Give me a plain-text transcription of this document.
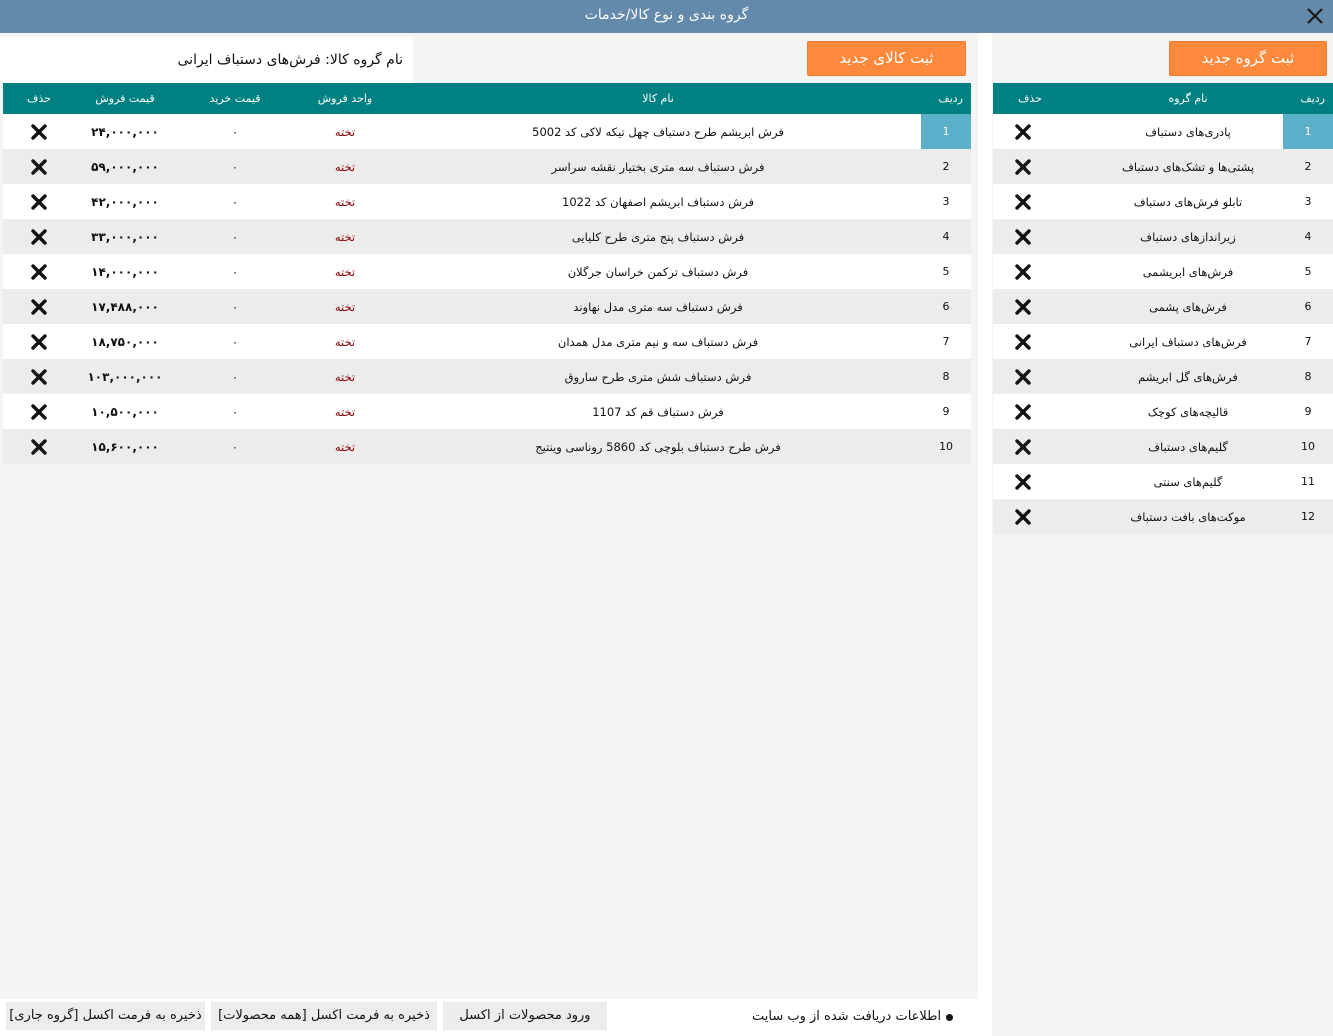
گروه بندی و نوع کالا/خدمات
نام گروه کالا: فرش‌های دستباف ایرانی	ثبت کالای جدید
ردیف	نام کالا	واحد فروش	قیمت خرید	قیمت فروش	حذف
1	فرش ابریشم طرح دستباف چهل تیکه لاکی کد 5002	تخته	۰	۲۴,۰۰۰,۰۰۰	
2	فرش دستباف سه متری بختیار نقشه سراسر	تخته	۰	۵۹,۰۰۰,۰۰۰	
3	فرش دستباف ابریشم اصفهان کد 1022	تخته	۰	۴۲,۰۰۰,۰۰۰	
4	فرش دستباف پنج متری طرح کلیایی	تخته	۰	۳۳,۰۰۰,۰۰۰	
5	فرش دستباف ترکمن خراسان جرگلان	تخته	۰	۱۴,۰۰۰,۰۰۰	
6	فرش دستباف سه متری مدل نهاوند	تخته	۰	۱۷,۴۸۸,۰۰۰	
7	فرش دستباف سه و نیم متری مدل همدان	تخته	۰	۱۸,۷۵۰,۰۰۰	
8	فرش دستباف شش متری طرح ساروق	تخته	۰	۱۰۳,۰۰۰,۰۰۰	
9	فرش دستباف قم کد 1107	تخته	۰	۱۰,۵۰۰,۰۰۰	
10	فرش طرح دستباف بلوچی کد 5860 روناسی وینتیج	تخته	۰	۱۵,۶۰۰,۰۰۰	
ثبت گروه جدید
ردیف	نام گروه	حذف
1	پادری‌های دستباف	
2	پشتی‌ها و تشک‌های دستباف	
3	تابلو فرش‌های دستباف	
4	زیراندازهای دستباف	
5	فرش‌های ابریشمی	
6	فرش‌های پشمی	
7	فرش‌های دستباف ایرانی	
8	فرش‌های گل ابریشم	
9	قالیچه‌های کوچک	
10	گلیم‌های دستباف	
11	گلیم‌های سنتی	
12	موکت‌های بافت دستباف	
ذخیره به فرمت اکسل [گروه جاری]	ذخیره به فرمت اکسل [همه محصولات]	ورود محصولات از اکسل	اطلاعات دریافت شده از وب سایت
